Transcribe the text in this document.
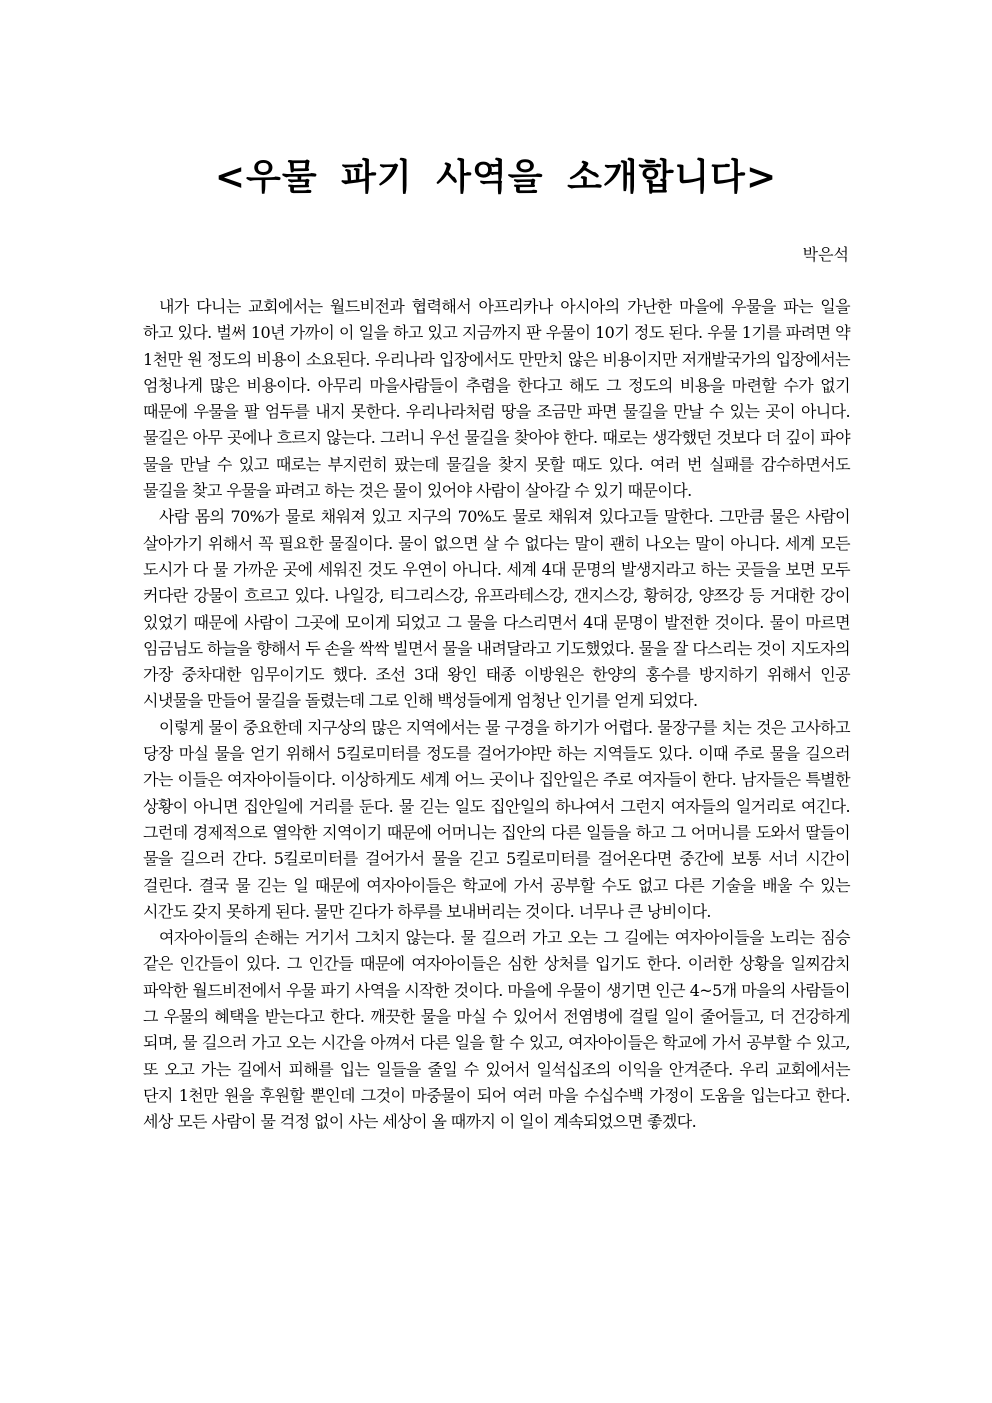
<우물 파기 사역을 소개합니다>

박은석

내가 다니는 교회에서는 월드비전과 협력해서 아프리카나 아시아의 가난한 마을에 우물을 파는 일을 하고 있다. 벌써 10년 가까이 이 일을 하고 있고 지금까지 판 우물이 10기 정도 된다. 우물 1기를 파려면 약 1천만 원 정도의 비용이 소요된다. 우리나라 입장에서도 만만치 않은 비용이지만 저개발국가의 입장에서는 엄청나게 많은 비용이다. 아무리 마을사람들이 추렴을 한다고 해도 그 정도의 비용을 마련할 수가 없기 때문에 우물을 팔 엄두를 내지 못한다. 우리나라처럼 땅을 조금만 파면 물길을 만날 수 있는 곳이 아니다. 물길은 아무 곳에나 흐르지 않는다. 그러니 우선 물길을 찾아야 한다. 때로는 생각했던 것보다 더 깊이 파야 물을 만날 수 있고 때로는 부지런히 팠는데 물길을 찾지 못할 때도 있다. 여러 번 실패를 감수하면서도 물길을 찾고 우물을 파려고 하는 것은 물이 있어야 사람이 살아갈 수 있기 때문이다.

사람 몸의 70%가 물로 채워져 있고 지구의 70%도 물로 채워져 있다고들 말한다. 그만큼 물은 사람이 살아가기 위해서 꼭 필요한 물질이다. 물이 없으면 살 수 없다는 말이 괜히 나오는 말이 아니다. 세계 모든 도시가 다 물 가까운 곳에 세워진 것도 우연이 아니다. 세계 4대 문명의 발생지라고 하는 곳들을 보면 모두 커다란 강물이 흐르고 있다. 나일강, 티그리스강, 유프라테스강, 갠지스강, 황허강, 양쯔강 등 거대한 강이 있었기 때문에 사람이 그곳에 모이게 되었고 그 물을 다스리면서 4대 문명이 발전한 것이다. 물이 마르면 임금님도 하늘을 향해서 두 손을 싹싹 빌면서 물을 내려달라고 기도했었다. 물을 잘 다스리는 것이 지도자의 가장 중차대한 임무이기도 했다. 조선 3대 왕인 태종 이방원은 한양의 홍수를 방지하기 위해서 인공 시냇물을 만들어 물길을 돌렸는데 그로 인해 백성들에게 엄청난 인기를 얻게 되었다.

이렇게 물이 중요한데 지구상의 많은 지역에서는 물 구경을 하기가 어렵다. 물장구를 치는 것은 고사하고 당장 마실 물을 얻기 위해서 5킬로미터를 정도를 걸어가야만 하는 지역들도 있다. 이때 주로 물을 길으러 가는 이들은 여자아이들이다. 이상하게도 세계 어느 곳이나 집안일은 주로 여자들이 한다. 남자들은 특별한 상황이 아니면 집안일에 거리를 둔다. 물 긷는 일도 집안일의 하나여서 그런지 여자들의 일거리로 여긴다. 그런데 경제적으로 열악한 지역이기 때문에 어머니는 집안의 다른 일들을 하고 그 어머니를 도와서 딸들이 물을 길으러 간다. 5킬로미터를 걸어가서 물을 긷고 5킬로미터를 걸어온다면 중간에 보통 서너 시간이 걸린다. 결국 물 긷는 일 때문에 여자아이들은 학교에 가서 공부할 수도 없고 다른 기술을 배울 수 있는 시간도 갖지 못하게 된다. 물만 긷다가 하루를 보내버리는 것이다. 너무나 큰 낭비이다.

여자아이들의 손해는 거기서 그치지 않는다. 물 길으러 가고 오는 그 길에는 여자아이들을 노리는 짐승 같은 인간들이 있다. 그 인간들 때문에 여자아이들은 심한 상처를 입기도 한다. 이러한 상황을 일찌감치 파악한 월드비전에서 우물 파기 사역을 시작한 것이다. 마을에 우물이 생기면 인근 4~5개 마을의 사람들이 그 우물의 혜택을 받는다고 한다. 깨끗한 물을 마실 수 있어서 전염병에 걸릴 일이 줄어들고, 더 건강하게 되며, 물 길으러 가고 오는 시간을 아껴서 다른 일을 할 수 있고, 여자아이들은 학교에 가서 공부할 수 있고, 또 오고 가는 길에서 피해를 입는 일들을 줄일 수 있어서 일석십조의 이익을 안겨준다. 우리 교회에서는 단지 1천만 원을 후원할 뿐인데 그것이 마중물이 되어 여러 마을 수십수백 가정이 도움을 입는다고 한다. 세상 모든 사람이 물 걱정 없이 사는 세상이 올 때까지 이 일이 계속되었으면 좋겠다.
